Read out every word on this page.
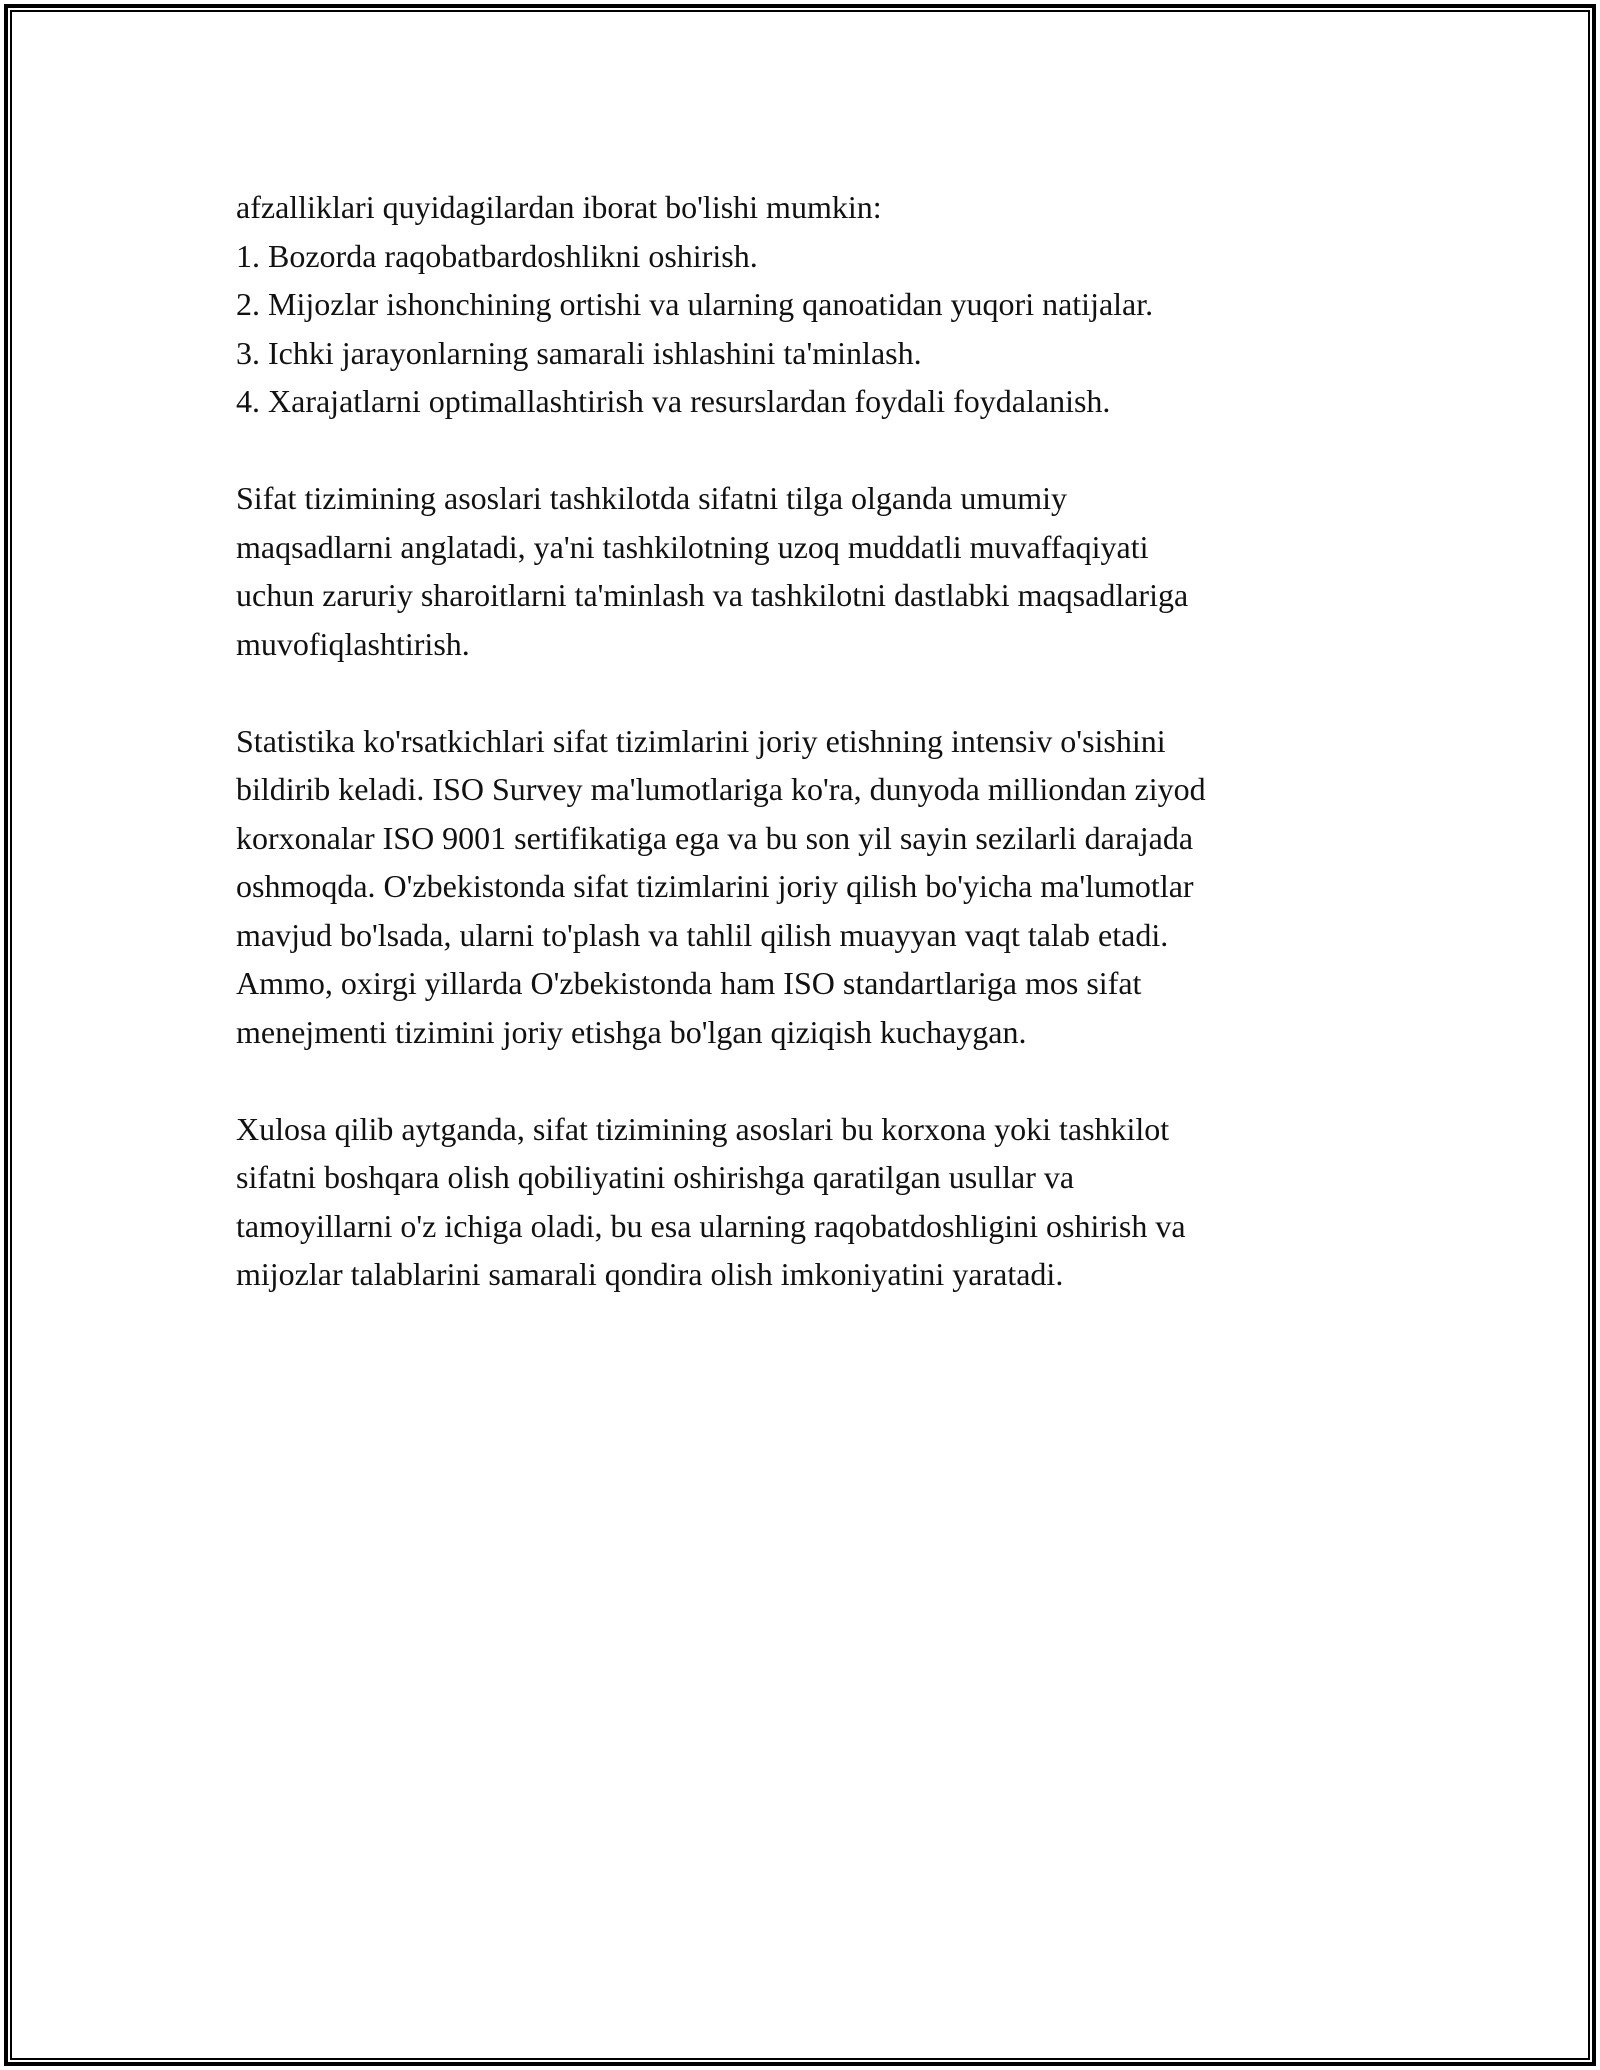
afzalliklari quyidagilardan iborat bo'lishi mumkin:
1. Bozorda raqobatbardoshlikni oshirish.
2. Mijozlar ishonchining ortishi va ularning qanoatidan yuqori natijalar.
3. Ichki jarayonlarning samarali ishlashini ta'minlash.
4. Xarajatlarni optimallashtirish va resurslardan foydali foydalanish.
Sifat tizimining asoslari tashkilotda sifatni tilga olganda umumiy
maqsadlarni anglatadi, ya'ni tashkilotning uzoq muddatli muvaffaqiyati
uchun zaruriy sharoitlarni ta'minlash va tashkilotni dastlabki maqsadlariga
muvofiqlashtirish.
Statistika ko'rsatkichlari sifat tizimlarini joriy etishning intensiv o'sishini
bildirib keladi. ISO Survey ma'lumotlariga ko'ra, dunyoda milliondan ziyod
korxonalar ISO 9001 sertifikatiga ega va bu son yil sayin sezilarli darajada
oshmoqda. O'zbekistonda sifat tizimlarini joriy qilish bo'yicha ma'lumotlar
mavjud bo'lsada, ularni to'plash va tahlil qilish muayyan vaqt talab etadi.
Ammo, oxirgi yillarda O'zbekistonda ham ISO standartlariga mos sifat
menejmenti tizimini joriy etishga bo'lgan qiziqish kuchaygan.
Xulosa qilib aytganda, sifat tizimining asoslari bu korxona yoki tashkilot
sifatni boshqara olish qobiliyatini oshirishga qaratilgan usullar va
tamoyillarni o'z ichiga oladi, bu esa ularning raqobatdoshligini oshirish va
mijozlar talablarini samarali qondira olish imkoniyatini yaratadi.
